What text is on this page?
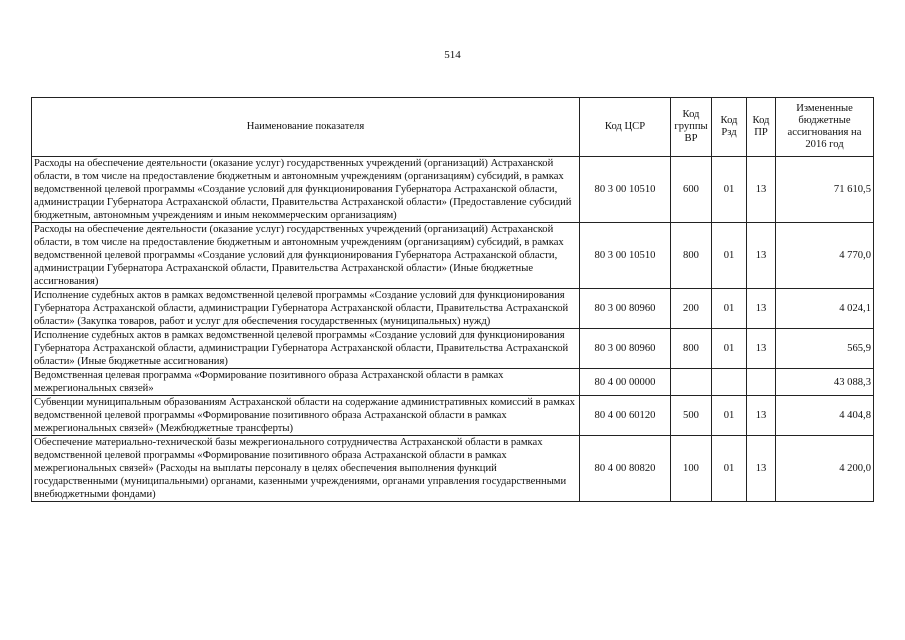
514
Наименование показателя	Код ЦСР	Код группы ВР	Код Рзд	Код ПР	Измененные бюджетные ассигнования на 2016 год
Расходы на обеспечение деятельности (оказание услуг) государственных учреждений (организаций) Астраханской области, в том числе на предоставление бюджетным и автономным учреждениям (организациям) субсидий, в рамках ведомственной целевой программы «Создание условий для функционирования Губернатора Астраханской области, администрации Губернатора Астраханской области, Правительства Астраханской области» (Предоставление субсидий бюджетным, автономным учреждениям и иным некоммерческим организациям)	80 3 00 10510	600	01	13	71 610,5
Расходы на обеспечение деятельности (оказание услуг) государственных учреждений (организаций) Астраханской области, в том числе на предоставление бюджетным и автономным учреждениям (организациям) субсидий, в рамках ведомственной целевой программы «Создание условий для функционирования Губернатора Астраханской области, администрации Губернатора Астраханской области, Правительства Астраханской области» (Иные бюджетные ассигнования)	80 3 00 10510	800	01	13	4 770,0
Исполнение судебных актов в рамках ведомственной целевой программы «Создание условий для функционирования Губернатора Астраханской области, администрации Губернатора Астраханской области, Правительства Астраханской области» (Закупка товаров, работ и услуг для обеспечения государственных (муниципальных) нужд)	80 3 00 80960	200	01	13	4 024,1
Исполнение судебных актов в рамках ведомственной целевой программы «Создание условий для функционирования Губернатора Астраханской области, администрации Губернатора Астраханской области, Правительства Астраханской области» (Иные бюджетные ассигнования)	80 3 00 80960	800	01	13	565,9
Ведомственная целевая программа «Формирование позитивного образа Астраханской области в рамках межрегиональных связей»	80 4 00 00000				43 088,3
Субвенции муниципальным образованиям Астраханской области на содержание административных комиссий в рамках ведомственной целевой программы «Формирование позитивного образа Астраханской области в рамках межрегиональных связей» (Межбюджетные трансферты)	80 4 00 60120	500	01	13	4 404,8
Обеспечение материально-технической базы межрегионального сотрудничества Астраханской области в рамках ведомственной целевой программы «Формирование позитивного образа Астраханской области в рамках межрегиональных связей» (Расходы на выплаты персоналу в целях обеспечения выполнения функций государственными (муниципальными) органами, казенными учреждениями, органами управления государственными внебюджетными фондами)	80 4 00 80820	100	01	13	4 200,0
